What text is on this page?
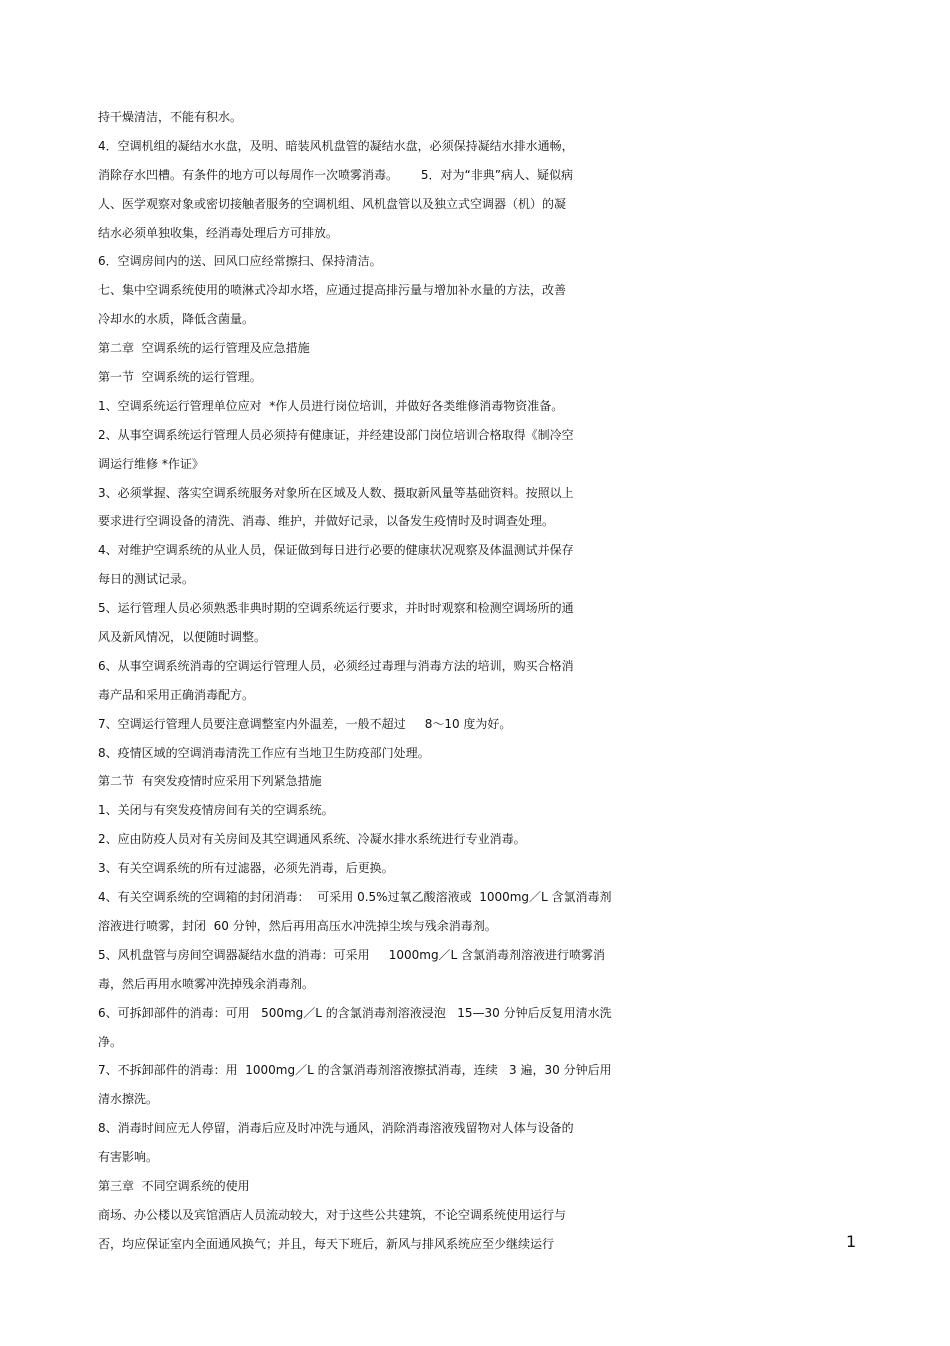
持干燥清洁，不能有积水。
4．空调机组的凝结水水盘，及明、暗装风机盘管的凝结水盘，必须保持凝结水排水通畅，
消除存水凹槽。有条件的地方可以每周作一次喷雾消毒。      5．对为“非典”病人、疑似病
人、医学观察对象或密切接触者服务的空调机组、风机盘管以及独立式空调器（机）的凝
结水必须单独收集，经消毒处理后方可排放。
6．空调房间内的送、回风口应经常擦扫、保持清洁。
七、集中空调系统使用的喷淋式冷却水塔，应通过提高排污量与增加补水量的方法，改善
冷却水的水质，降低含菌量。
第二章  空调系统的运行管理及应急措施
第一节  空调系统的运行管理。
1、空调系统运行管理单位应对  *作人员进行岗位培训，并做好各类维修消毒物资准备。
2、从事空调系统运行管理人员必须持有健康证，并经建设部门岗位培训合格取得《制冷空
调运行维修 *作证》
3、必须掌握、落实空调系统服务对象所在区域及人数、摄取新风量等基础资料。按照以上
要求进行空调设备的清洗、消毒、维护，并做好记录，以备发生疫情时及时调查处理。
4、对维护空调系统的从业人员，保证做到每日进行必要的健康状况观察及体温测试并保存
每日的测试记录。
5、运行管理人员必须熟悉非典时期的空调系统运行要求，并时时观察和检测空调场所的通
风及新风情况，以便随时调整。
6、从事空调系统消毒的空调运行管理人员，必须经过毒理与消毒方法的培训，购买合格消
毒产品和采用正确消毒配方。
7、空调运行管理人员要注意调整室内外温差，一般不超过     8～10 度为好。
8、疫情区域的空调消毒清洗工作应有当地卫生防疫部门处理。
第二节  有突发疫情时应采用下列紧急措施
1、关闭与有突发疫情房间有关的空调系统。
2、应由防疫人员对有关房间及其空调通风系统、冷凝水排水系统进行专业消毒。
3、有关空调系统的所有过滤器，必须先消毒，后更换。
4、有关空调系统的空调箱的封闭消毒：  可采用 0.5%过氧乙酸溶液或  1000mg／L 含氯消毒剂
溶液进行喷雾，封闭  60 分钟，然后再用高压水冲洗掉尘埃与残余消毒剂。
5、风机盘管与房间空调器凝结水盘的消毒：可采用     1000mg／L 含氯消毒剂溶液进行喷雾消
毒，然后再用水喷雾冲洗掉残余消毒剂。
6、可拆卸部件的消毒：可用   500mg／L 的含氯消毒剂溶液浸泡   15—30 分钟后反复用清水洗
净。
7、不拆卸部件的消毒：用  1000mg／L 的含氯消毒剂溶液擦拭消毒，连续   3 遍，30 分钟后用
清水擦洗。
8、消毒时间应无人停留，消毒后应及时冲洗与通风，消除消毒溶液残留物对人体与设备的
有害影响。
第三章  不同空调系统的使用
商场、办公楼以及宾馆酒店人员流动较大，对于这些公共建筑，不论空调系统使用运行与
否，均应保证室内全面通风换气；并且，每天下班后，新风与排风系统应至少继续运行	1
